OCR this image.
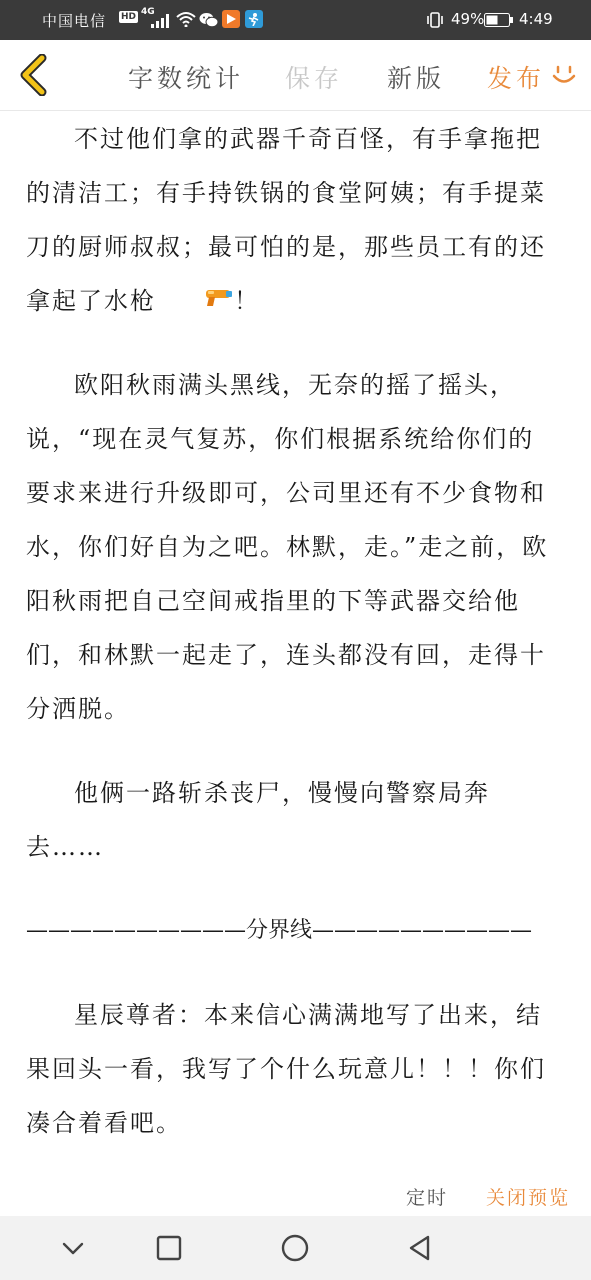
中国电信 HD 4G	49% 4:49
字数统计 保存 新版 发布

不过他们拿的武器千奇百怪，有手拿拖把的清洁工；有手持铁锅的食堂阿姨；有手提菜刀的厨师叔叔；最可怕的是，那些员工有的还拿起了水枪	！

欧阳秋雨满头黑线，无奈的摇了摇头，说，“现在灵气复苏，你们根据系统给你们的要求来进行升级即可，公司里还有不少食物和水，你们好自为之吧。林默，走。”走之前，欧阳秋雨把自己空间戒指里的下等武器交给他们，和林默一起走了，连头都没有回，走得十分洒脱。

他俩一路斩杀丧尸，慢慢向警察局奔去……

——————————分界线——————————

星辰尊者：本来信心满满地写了出来，结果回头一看，我写了个什么玩意儿！！！你们凑合着看吧。

定时 关闭预览
